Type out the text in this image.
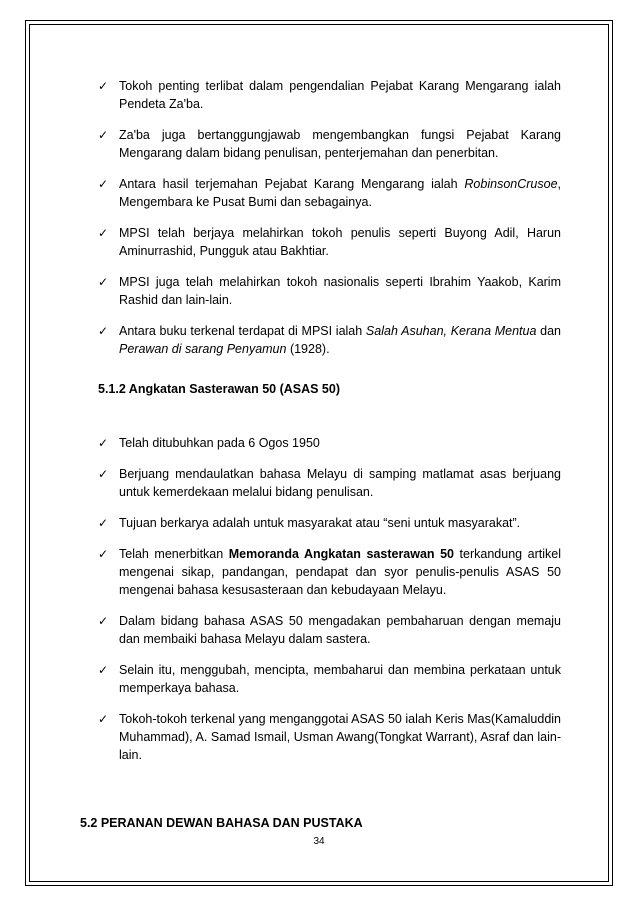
✓ Tokoh penting terlibat dalam pengendalian Pejabat Karang Mengarang ialah Pendeta Za'ba.
✓ Za'ba juga bertanggungjawab mengembangkan fungsi Pejabat Karang Mengarang dalam bidang penulisan, penterjemahan dan penerbitan.
✓ Antara hasil terjemahan Pejabat Karang Mengarang ialah RobinsonCrusoe, Mengembara ke Pusat Bumi dan sebagainya.
✓ MPSI telah berjaya melahirkan tokoh penulis seperti Buyong Adil, Harun Aminurrashid, Pungguk atau Bakhtiar.
✓ MPSI juga telah melahirkan tokoh nasionalis seperti Ibrahim Yaakob, Karim Rashid dan lain-lain.
✓ Antara buku terkenal terdapat di MPSI ialah Salah Asuhan, Kerana Mentua dan Perawan di sarang Penyamun (1928).
5.1.2 Angkatan Sasterawan 50 (ASAS 50)
✓ Telah ditubuhkan pada 6 Ogos 1950
✓ Berjuang mendaulatkan bahasa Melayu di samping matlamat asas berjuang untuk kemerdekaan melalui bidang penulisan.
✓ Tujuan berkarya adalah untuk masyarakat atau “seni untuk masyarakat”.
✓ Telah menerbitkan Memoranda Angkatan sasterawan 50 terkandung artikel mengenai sikap, pandangan, pendapat dan syor penulis-penulis ASAS 50 mengenai bahasa kesusasteraan dan kebudayaan Melayu.
✓ Dalam bidang bahasa ASAS 50 mengadakan pembaharuan dengan memaju dan membaiki bahasa Melayu dalam sastera.
✓ Selain itu, menggubah, mencipta, membaharui dan membina perkataan untuk memperkaya bahasa.
✓ Tokoh-tokoh terkenal yang menganggotai ASAS 50 ialah Keris Mas(Kamaluddin Muhammad), A. Samad Ismail, Usman Awang(Tongkat Warrant), Asraf dan lain-lain.
5.2 PERANAN DEWAN BAHASA DAN PUSTAKA
34
